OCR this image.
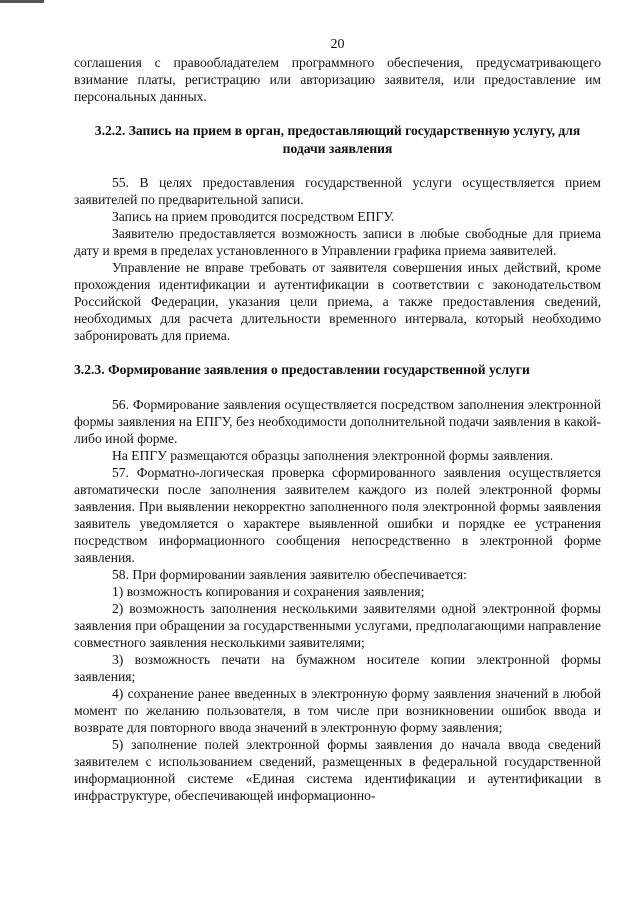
20

соглашения с правообладателем программного обеспечения, предусматривающего взимание платы, регистрацию или авторизацию заявителя, или предоставление им персональных данных.

3.2.2. Запись на прием в орган, предоставляющий государственную услугу, для подачи заявления

55. В целях предоставления государственной услуги осуществляется прием заявителей по предварительной записи.

Запись на прием проводится посредством ЕПГУ.

Заявителю предоставляется возможность записи в любые свободные для приема дату и время в пределах установленного в Управлении графика приема заявителей.

Управление не вправе требовать от заявителя совершения иных действий, кроме прохождения идентификации и аутентификации в соответствии с законодательством Российской Федерации, указания цели приема, а также предоставления сведений, необходимых для расчета длительности временного интервала, который необходимо забронировать для приема.

3.2.3. Формирование заявления о предоставлении государственной услуги

56. Формирование заявления осуществляется посредством заполнения электронной формы заявления на ЕПГУ, без необходимости дополнительной подачи заявления в какой-либо иной форме.

На ЕПГУ размещаются образцы заполнения электронной формы заявления.

57. Форматно-логическая проверка сформированного заявления осуществляется автоматически после заполнения заявителем каждого из полей электронной формы заявления. При выявлении некорректно заполненного поля электронной формы заявления заявитель уведомляется о характере выявленной ошибки и порядке ее устранения посредством информационного сообщения непосредственно в электронной форме заявления.

58. При формировании заявления заявителю обеспечивается:

1) возможность копирования и сохранения заявления;

2) возможность заполнения несколькими заявителями одной электронной формы заявления при обращении за государственными услугами, предполагающими направление совместного заявления несколькими заявителями;

3) возможность печати на бумажном носителе копии электронной формы заявления;

4) сохранение ранее введенных в электронную форму заявления значений в любой момент по желанию пользователя, в том числе при возникновении ошибок ввода и возврате для повторного ввода значений в электронную форму заявления;

5) заполнение полей электронной формы заявления до начала ввода сведений заявителем с использованием сведений, размещенных в федеральной государственной информационной системе «Единая система идентификации и аутентификации в инфраструктуре, обеспечивающей информационно-
